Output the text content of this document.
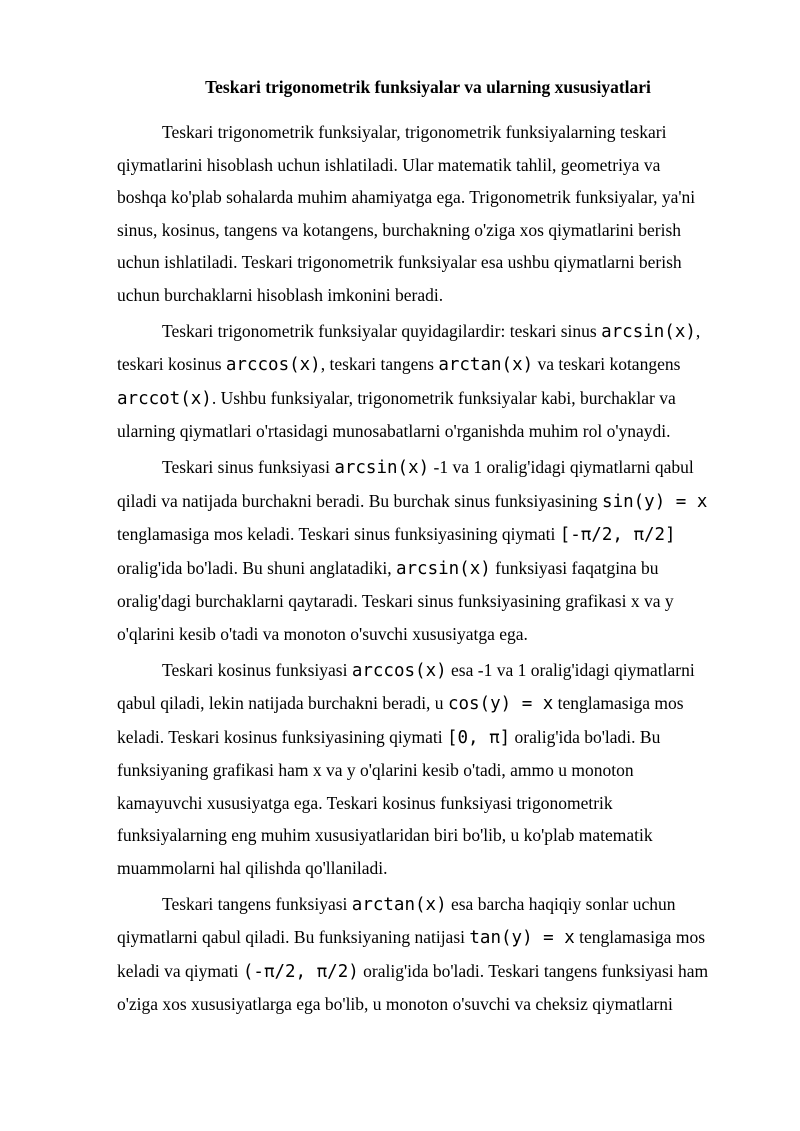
Teskari trigonometrik funksiyalar va ularning xususiyatlari

Teskari trigonometrik funksiyalar, trigonometrik funksiyalarning teskari
qiymatlarini hisoblash uchun ishlatiladi. Ular matematik tahlil, geometriya va
boshqa ko'plab sohalarda muhim ahamiyatga ega. Trigonometrik funksiyalar, ya'ni
sinus, kosinus, tangens va kotangens, burchakning o'ziga xos qiymatlarini berish
uchun ishlatiladi. Teskari trigonometrik funksiyalar esa ushbu qiymatlarni berish
uchun burchaklarni hisoblash imkonini beradi.

Teskari trigonometrik funksiyalar quyidagilardir: teskari sinus arcsin(x),
teskari kosinus arccos(x), teskari tangens arctan(x) va teskari kotangens
arccot(x). Ushbu funksiyalar, trigonometrik funksiyalar kabi, burchaklar va
ularning qiymatlari o'rtasidagi munosabatlarni o'rganishda muhim rol o'ynaydi.

Teskari sinus funksiyasi arcsin(x) -1 va 1 oralig'idagi qiymatlarni qabul
qiladi va natijada burchakni beradi. Bu burchak sinus funksiyasining sin(y) = x
tenglamasiga mos keladi. Teskari sinus funksiyasining qiymati [-π/2, π/2]
oralig'ida bo'ladi. Bu shuni anglatadiki, arcsin(x) funksiyasi faqatgina bu
oralig'dagi burchaklarni qaytaradi. Teskari sinus funksiyasining grafikasi x va y
o'qlarini kesib o'tadi va monoton o'suvchi xususiyatga ega.

Teskari kosinus funksiyasi arccos(x) esa -1 va 1 oralig'idagi qiymatlarni
qabul qiladi, lekin natijada burchakni beradi, u cos(y) = x tenglamasiga mos
keladi. Teskari kosinus funksiyasining qiymati [0, π] oralig'ida bo'ladi. Bu
funksiyaning grafikasi ham x va y o'qlarini kesib o'tadi, ammo u monoton
kamayuvchi xususiyatga ega. Teskari kosinus funksiyasi trigonometrik
funksiyalarning eng muhim xususiyatlaridan biri bo'lib, u ko'plab matematik
muammolarni hal qilishda qo'llaniladi.

Teskari tangens funksiyasi arctan(x) esa barcha haqiqiy sonlar uchun
qiymatlarni qabul qiladi. Bu funksiyaning natijasi tan(y) = x tenglamasiga mos
keladi va qiymati (-π/2, π/2) oralig'ida bo'ladi. Teskari tangens funksiyasi ham
o'ziga xos xususiyatlarga ega bo'lib, u monoton o'suvchi va cheksiz qiymatlarni
